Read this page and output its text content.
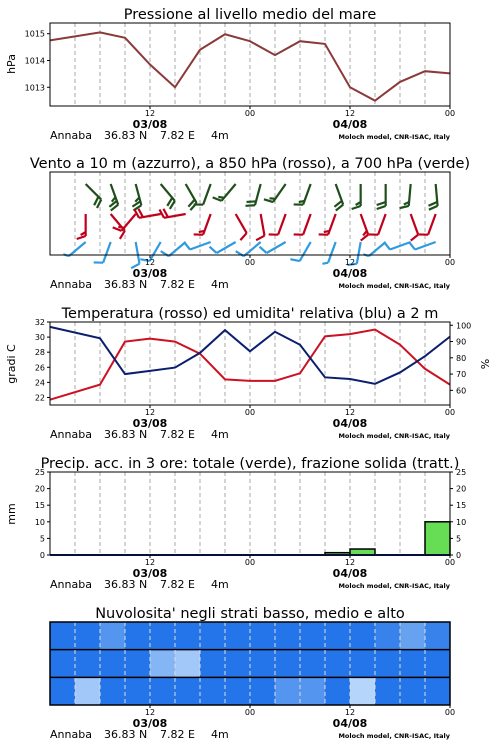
Pressione al livello medio del mare
hPa
1015
1014
1013
12	00	12	00
03/08	04/08
Annaba 36.83 N 7.82 E 4m	Moloch model, CNR-ISAC, Italy
Vento a 10 m (azzurro), a 850 hPa (rosso), a 700 hPa (verde)
12	00	12	00
03/08	04/08
Annaba 36.83 N 7.82 E 4m	Moloch model, CNR-ISAC, Italy
Temperatura (rosso) ed umidita' relativa (blu) a 2 m
gradi C	%
32
30
28
26
24
22
100
90
80
70
60
12	00	12	00
03/08	04/08
Annaba 36.83 N 7.82 E 4m	Moloch model, CNR-ISAC, Italy
Precip. acc. in 3 ore: totale (verde), frazione solida (tratt.)
mm
25	25
20	20
15	15
10	10
5	5
0	0
12	00	12	00
03/08	04/08
Annaba 36.83 N 7.82 E 4m	Moloch model, CNR-ISAC, Italy
Nuvolosita' negli strati basso, medio e alto
12	00	12	00
03/08	04/08
Annaba 36.83 N 7.82 E 4m	Moloch model, CNR-ISAC, Italy
